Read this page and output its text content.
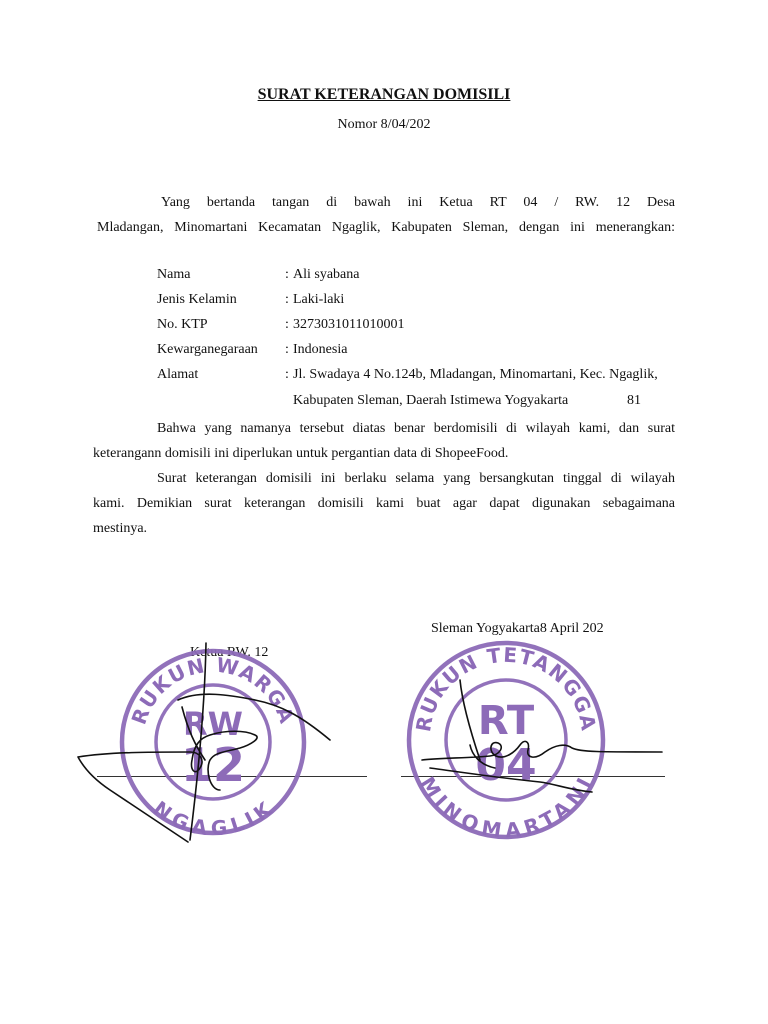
SURAT KETERANGAN DOMISILI
Nomor 8/04/202
Yang bertanda tangan di bawah ini Ketua RT 04 / RW. 12 Desa
Mladangan, Minomartani Kecamatan Ngaglik, Kabupaten Sleman, dengan ini menerangkan:
Nama	: Ali syabana
Jenis Kelamin	: Laki-laki
No. KTP	: 3273031011010001
Kewarganegaraan : Indonesia
Alamat	: Jl. Swadaya 4 No.124b, Mladangan, Minomartani, Kec. Ngaglik,
Kabupaten Sleman, Daerah Istimewa Yogyakarta	81
Bahwa yang namanya tersebut diatas benar berdomisili di wilayah kami, dan surat
keterangann domisili ini diperlukan untuk pergantian data di ShopeeFood.
Surat keterangan domisili ini berlaku selama yang bersangkutan tinggal di wilayah
kami. Demikian surat keterangan domisili kami buat agar dapat digunakan sebagaimana
mestinya.
Sleman Yogyakarta8 April 202
Ketua RW. 12
RUKUN WARGA
NGAGLIK
RW
12
RUKUN TETANGGA
MINOMARTANI
RT
04
